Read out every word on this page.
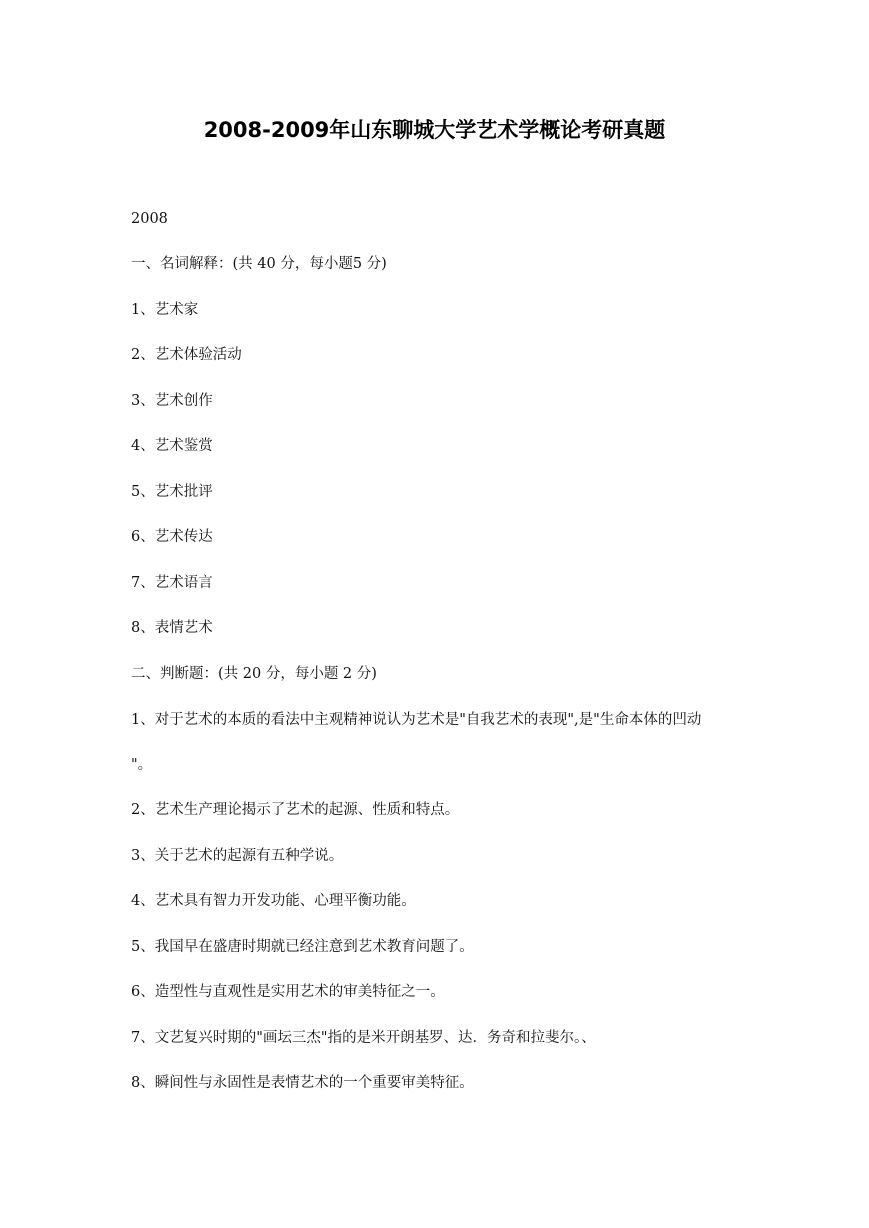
2008-2009年山东聊城大学艺术学概论考研真题

2008

一、名词解释：(共 40 分，每小题5 分)

1、艺术家

2、艺术体验活动

3、艺术创作

4、艺术鉴赏

5、艺术批评

6、艺术传达

7、艺术语言

8、表情艺术

二、判断题：(共 20 分，每小题 2 分)

1、对于艺术的本质的看法中主观精神说认为艺术是"自我艺术的表现",是"生命本体的凹动

"。

2、艺术生产理论揭示了艺术的起源、性质和特点。

3、关于艺术的起源有五种学说。

4、艺术具有智力开发功能、心理平衡功能。

5、我国早在盛唐时期就已经注意到艺术教育问题了。

6、造型性与直观性是实用艺术的审美特征之一。

7、文艺复兴时期的"画坛三杰"指的是米开朗基罗、达．务奇和拉斐尔。、

8、瞬间性与永固性是表情艺术的一个重要审美特征。
